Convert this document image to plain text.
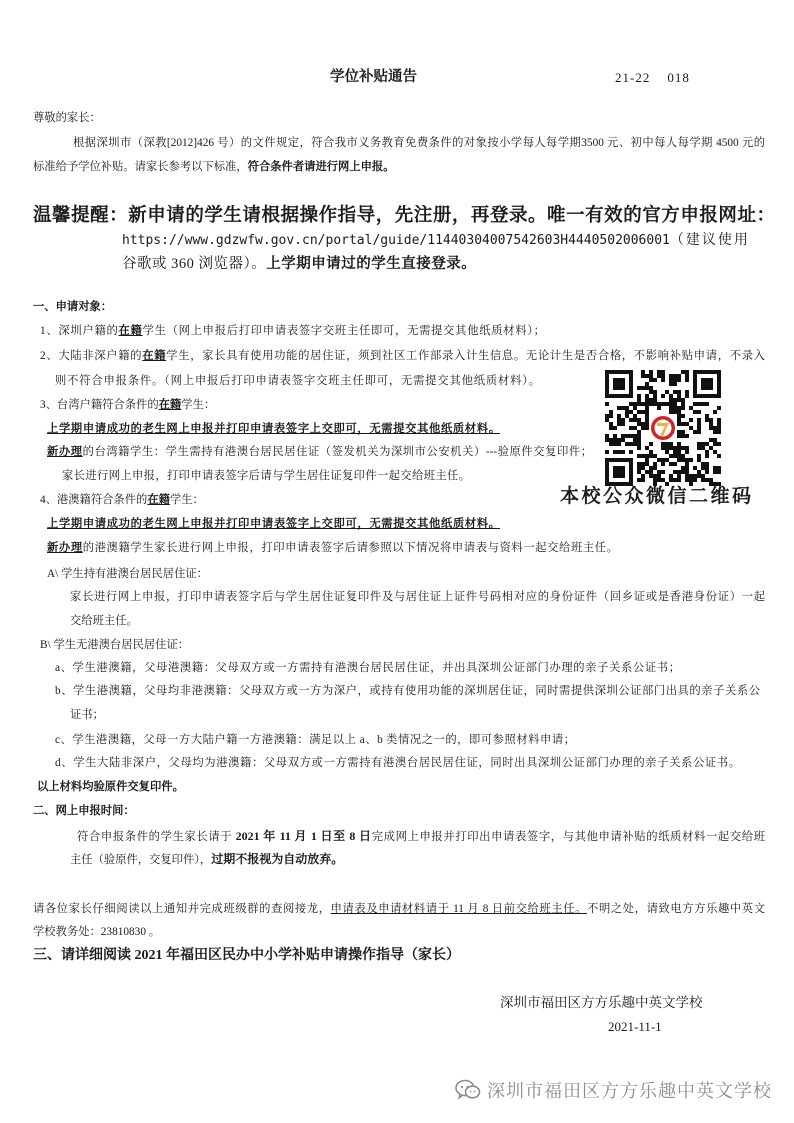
学位补贴通告	21-22    018
尊敬的家长：
根据深圳市（深教[2012]426 号）的文件规定，符合我市义务教育免费条件的对象按小学每人每学期3500 元、初中每人每学期 4500 元的
标准给予学位补贴。请家长参考以下标准，符合条件者请进行网上申报。
温馨提醒：新申请的学生请根据操作指导，先注册，再登录。唯一有效的官方申报网址：
https://www.gdzwfw.gov.cn/portal/guide/11440304007542603H4440502006001（建议使用
谷歌或 360 浏览器）。上学期申请过的学生直接登录。
一、申请对象：
1、深圳户籍的在籍学生（网上申报后打印申请表签字交班主任即可，无需提交其他纸质材料）；
2、大陆非深户籍的在籍学生，家长具有使用功能的居住证，须到社区工作部录入计生信息。无论计生是否合格，不影响补贴申请，不录入
则不符合申报条件。（网上申报后打印申请表签字交班主任即可，无需提交其他纸质材料）。
3、台湾户籍符合条件的在籍学生：
上学期申请成功的老生网上申报并打印申请表签字上交即可，无需提交其他纸质材料。
新办理的台湾籍学生：学生需持有港澳台居民居住证（签发机关为深圳市公安机关）---验原件交复印件；
家长进行网上申报，打印申请表签字后请与学生居住证复印件一起交给班主任。
4、港澳籍符合条件的在籍学生：
上学期申请成功的老生网上申报并打印申请表签字上交即可，无需提交其他纸质材料。
新办理的港澳籍学生家长进行网上申报，打印申请表签字后请参照以下情况将申请表与资料一起交给班主任。
A\ 学生持有港澳台居民居住证：
家长进行网上申报，打印申请表签字后与学生居住证复印件及与居住证上证件号码相对应的身份证件（回乡证或是香港身份证）一起
交给班主任。
B\ 学生无港澳台居民居住证：
a、学生港澳籍，父母港澳籍：父母双方或一方需持有港澳台居民居住证，并出具深圳公证部门办理的亲子关系公证书；
b、学生港澳籍，父母均非港澳籍：父母双方或一方为深户，或持有使用功能的深圳居住证，同时需提供深圳公证部门出具的亲子关系公
证书；
c、学生港澳籍，父母一方大陆户籍一方港澳籍：满足以上 a、b 类情况之一的，即可参照材料申请；
d、学生大陆非深户，父母均为港澳籍：父母双方或一方需持有港澳台居民居住证，同时出具深圳公证部门办理的亲子关系公证书。
以上材料均验原件交复印件。
二、网上申报时间：
符合申报条件的学生家长请于 2021 年 11 月 1 日至 8 日完成网上申报并打印出申请表签字，与其他申请补贴的纸质材料一起交给班
主任（验原件，交复印件），过期不报视为自动放弃。
请各位家长仔细阅读以上通知并完成班级群的查阅接龙，申请表及申请材料请于 11 月 8 日前交给班主任。不明之处，请致电方方乐趣中英文
学校教务处：23810830 。
三、请详细阅读 2021 年福田区民办中小学补贴申请操作指导（家长）
深圳市福田区方方乐趣中英文学校
2021-11-1
本校公众微信二维码
深圳市福田区方方乐趣中英文学校
